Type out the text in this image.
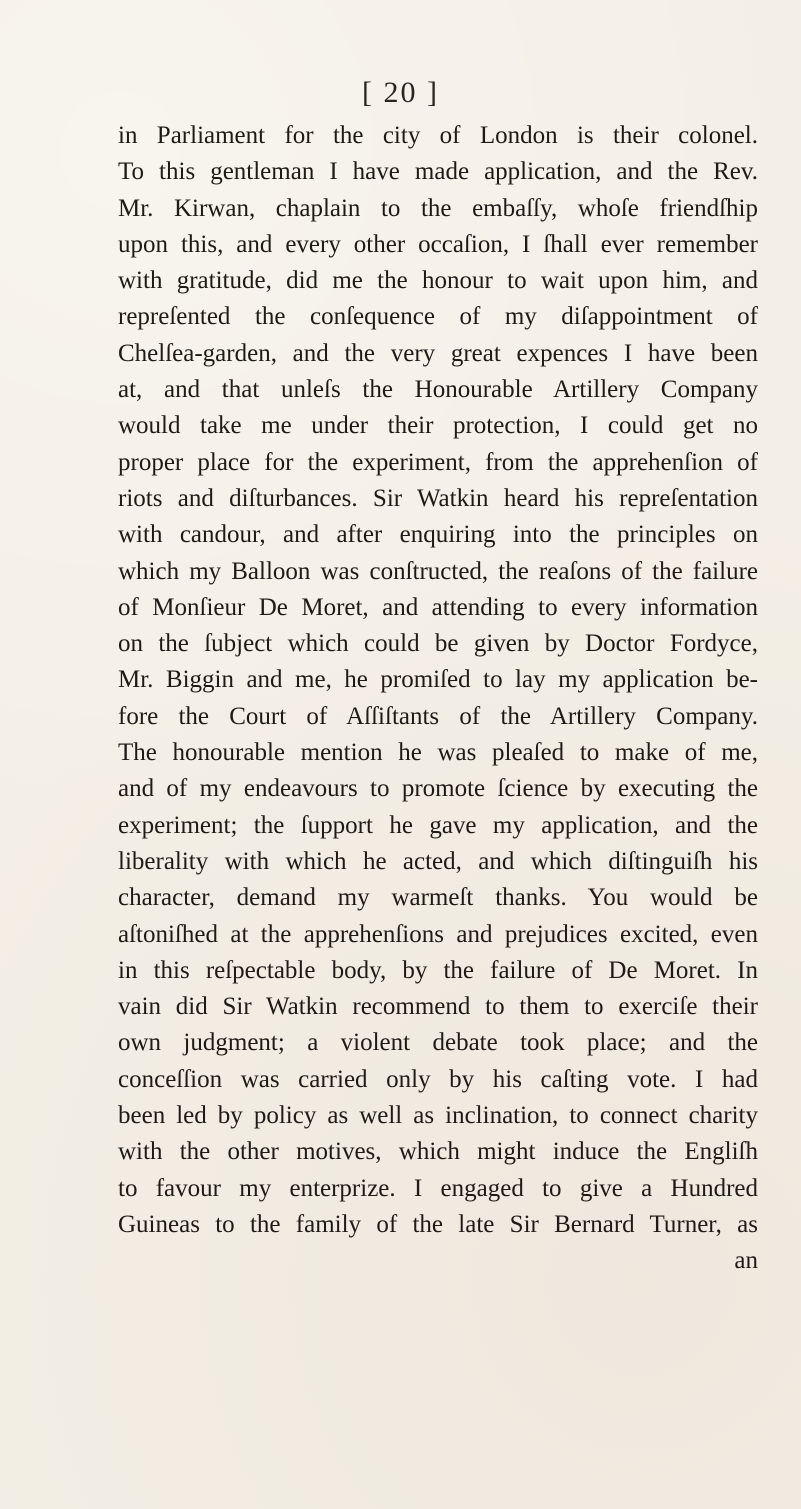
[ 20 ]
in Parliament for the city of London is their colonel.
To this gentleman I have made application, and the Rev.
Mr. Kirwan, chaplain to the embaſſy, whoſe friendſhip
upon this, and every other occaſion, I ſhall ever remember
with gratitude, did me the honour to wait upon him, and
repreſented the conſequence of my diſappointment of
Chelſea-garden, and the very great expences I have been
at, and that unleſs the Honourable Artillery Company
would take me under their protection, I could get no
proper place for the experiment, from the apprehenſion of
riots and diſturbances. Sir Watkin heard his repreſentation
with candour, and after enquiring into the principles on
which my Balloon was conſtructed, the reaſons of the failure
of Monſieur De Moret, and attending to every information
on the ſubject which could be given by Doctor Fordyce,
Mr. Biggin and me, he promiſed to lay my application be-
fore the Court of Aſſiſtants of the Artillery Company.
The honourable mention he was pleaſed to make of me,
and of my endeavours to promote ſcience by executing the
experiment; the ſupport he gave my application, and the
liberality with which he acted, and which diſtinguiſh his
character, demand my warmeſt thanks. You would be
aſtoniſhed at the apprehenſions and prejudices excited, even
in this reſpectable body, by the failure of De Moret. In
vain did Sir Watkin recommend to them to exerciſe their
own judgment; a violent debate took place; and the
conceſſion was carried only by his caſting vote. I had
been led by policy as well as inclination, to connect charity
with the other motives, which might induce the Engliſh
to favour my enterprize. I engaged to give a Hundred
Guineas to the family of the late Sir Bernard Turner, as
an
